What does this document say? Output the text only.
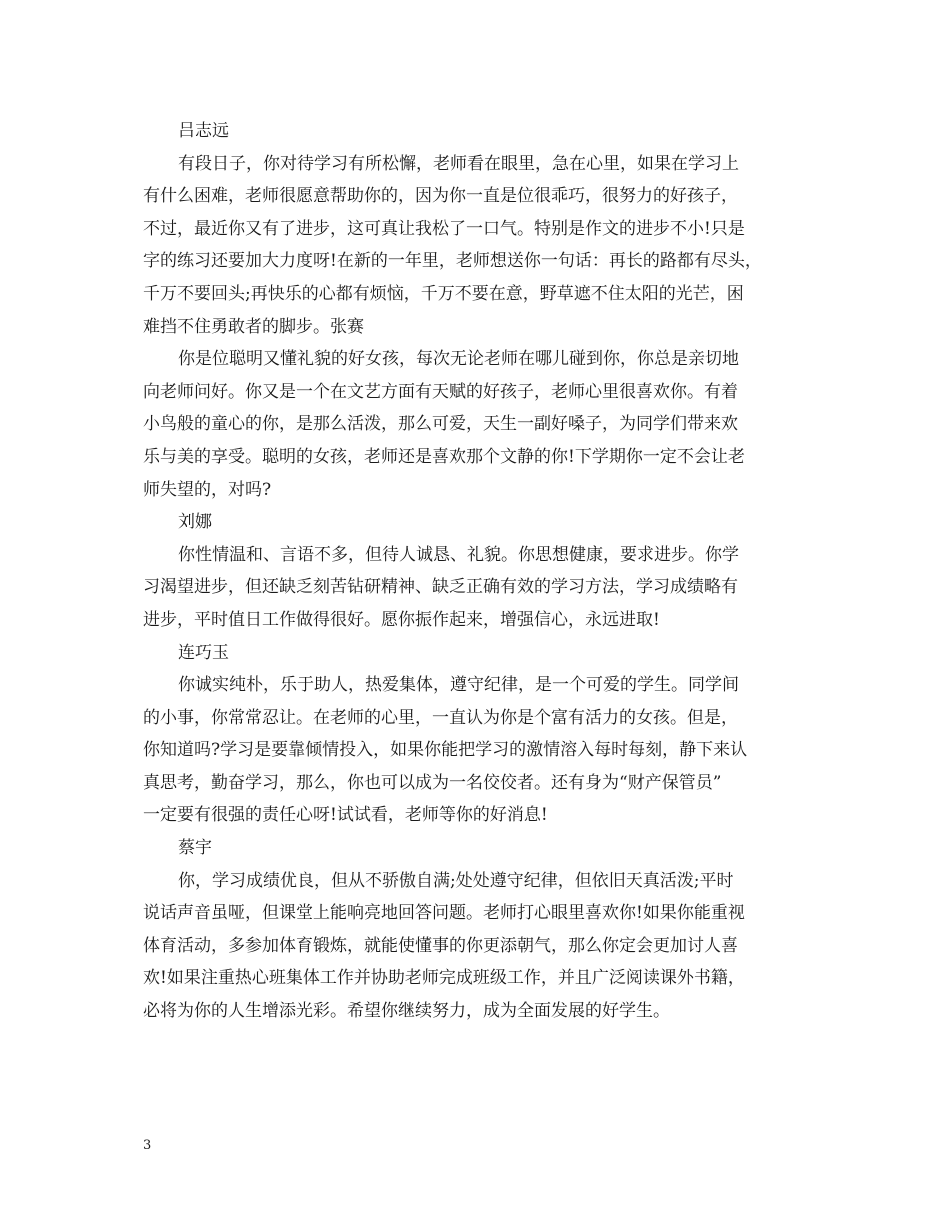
吕志远
有段日子，你对待学习有所松懈，老师看在眼里，急在心里，如果在学习上
有什么困难，老师很愿意帮助你的，因为你一直是位很乖巧，很努力的好孩子，
不过，最近你又有了进步，这可真让我松了一口气。特别是作文的进步不小!只是
字的练习还要加大力度呀!在新的一年里，老师想送你一句话：再长的路都有尽头，
千万不要回头;再快乐的心都有烦恼，千万不要在意，野草遮不住太阳的光芒，困
难挡不住勇敢者的脚步。张赛
你是位聪明又懂礼貌的好女孩，每次无论老师在哪儿碰到你，你总是亲切地
向老师问好。你又是一个在文艺方面有天赋的好孩子，老师心里很喜欢你。有着
小鸟般的童心的你，是那么活泼，那么可爱，天生一副好嗓子，为同学们带来欢
乐与美的享受。聪明的女孩，老师还是喜欢那个文静的你!下学期你一定不会让老
师失望的，对吗?
刘娜
你性情温和、言语不多，但待人诚恳、礼貌。你思想健康，要求进步。你学
习渴望进步，但还缺乏刻苦钻研精神、缺乏正确有效的学习方法，学习成绩略有
进步，平时值日工作做得很好。愿你振作起来，增强信心，永远进取!
连巧玉
你诚实纯朴，乐于助人，热爱集体，遵守纪律，是一个可爱的学生。同学间
的小事，你常常忍让。在老师的心里，一直认为你是个富有活力的女孩。但是，
你知道吗?学习是要靠倾情投入，如果你能把学习的激情溶入每时每刻，静下来认
真思考，勤奋学习，那么，你也可以成为一名佼佼者。还有身为“财产保管员”
一定要有很强的责任心呀!试试看，老师等你的好消息!
蔡宇
你，学习成绩优良，但从不骄傲自满;处处遵守纪律，但依旧天真活泼;平时
说话声音虽哑，但课堂上能响亮地回答问题。老师打心眼里喜欢你!如果你能重视
体育活动，多参加体育锻炼，就能使懂事的你更添朝气，那么你定会更加讨人喜
欢!如果注重热心班集体工作并协助老师完成班级工作，并且广泛阅读课外书籍，
必将为你的人生增添光彩。希望你继续努力，成为全面发展的好学生。
3
